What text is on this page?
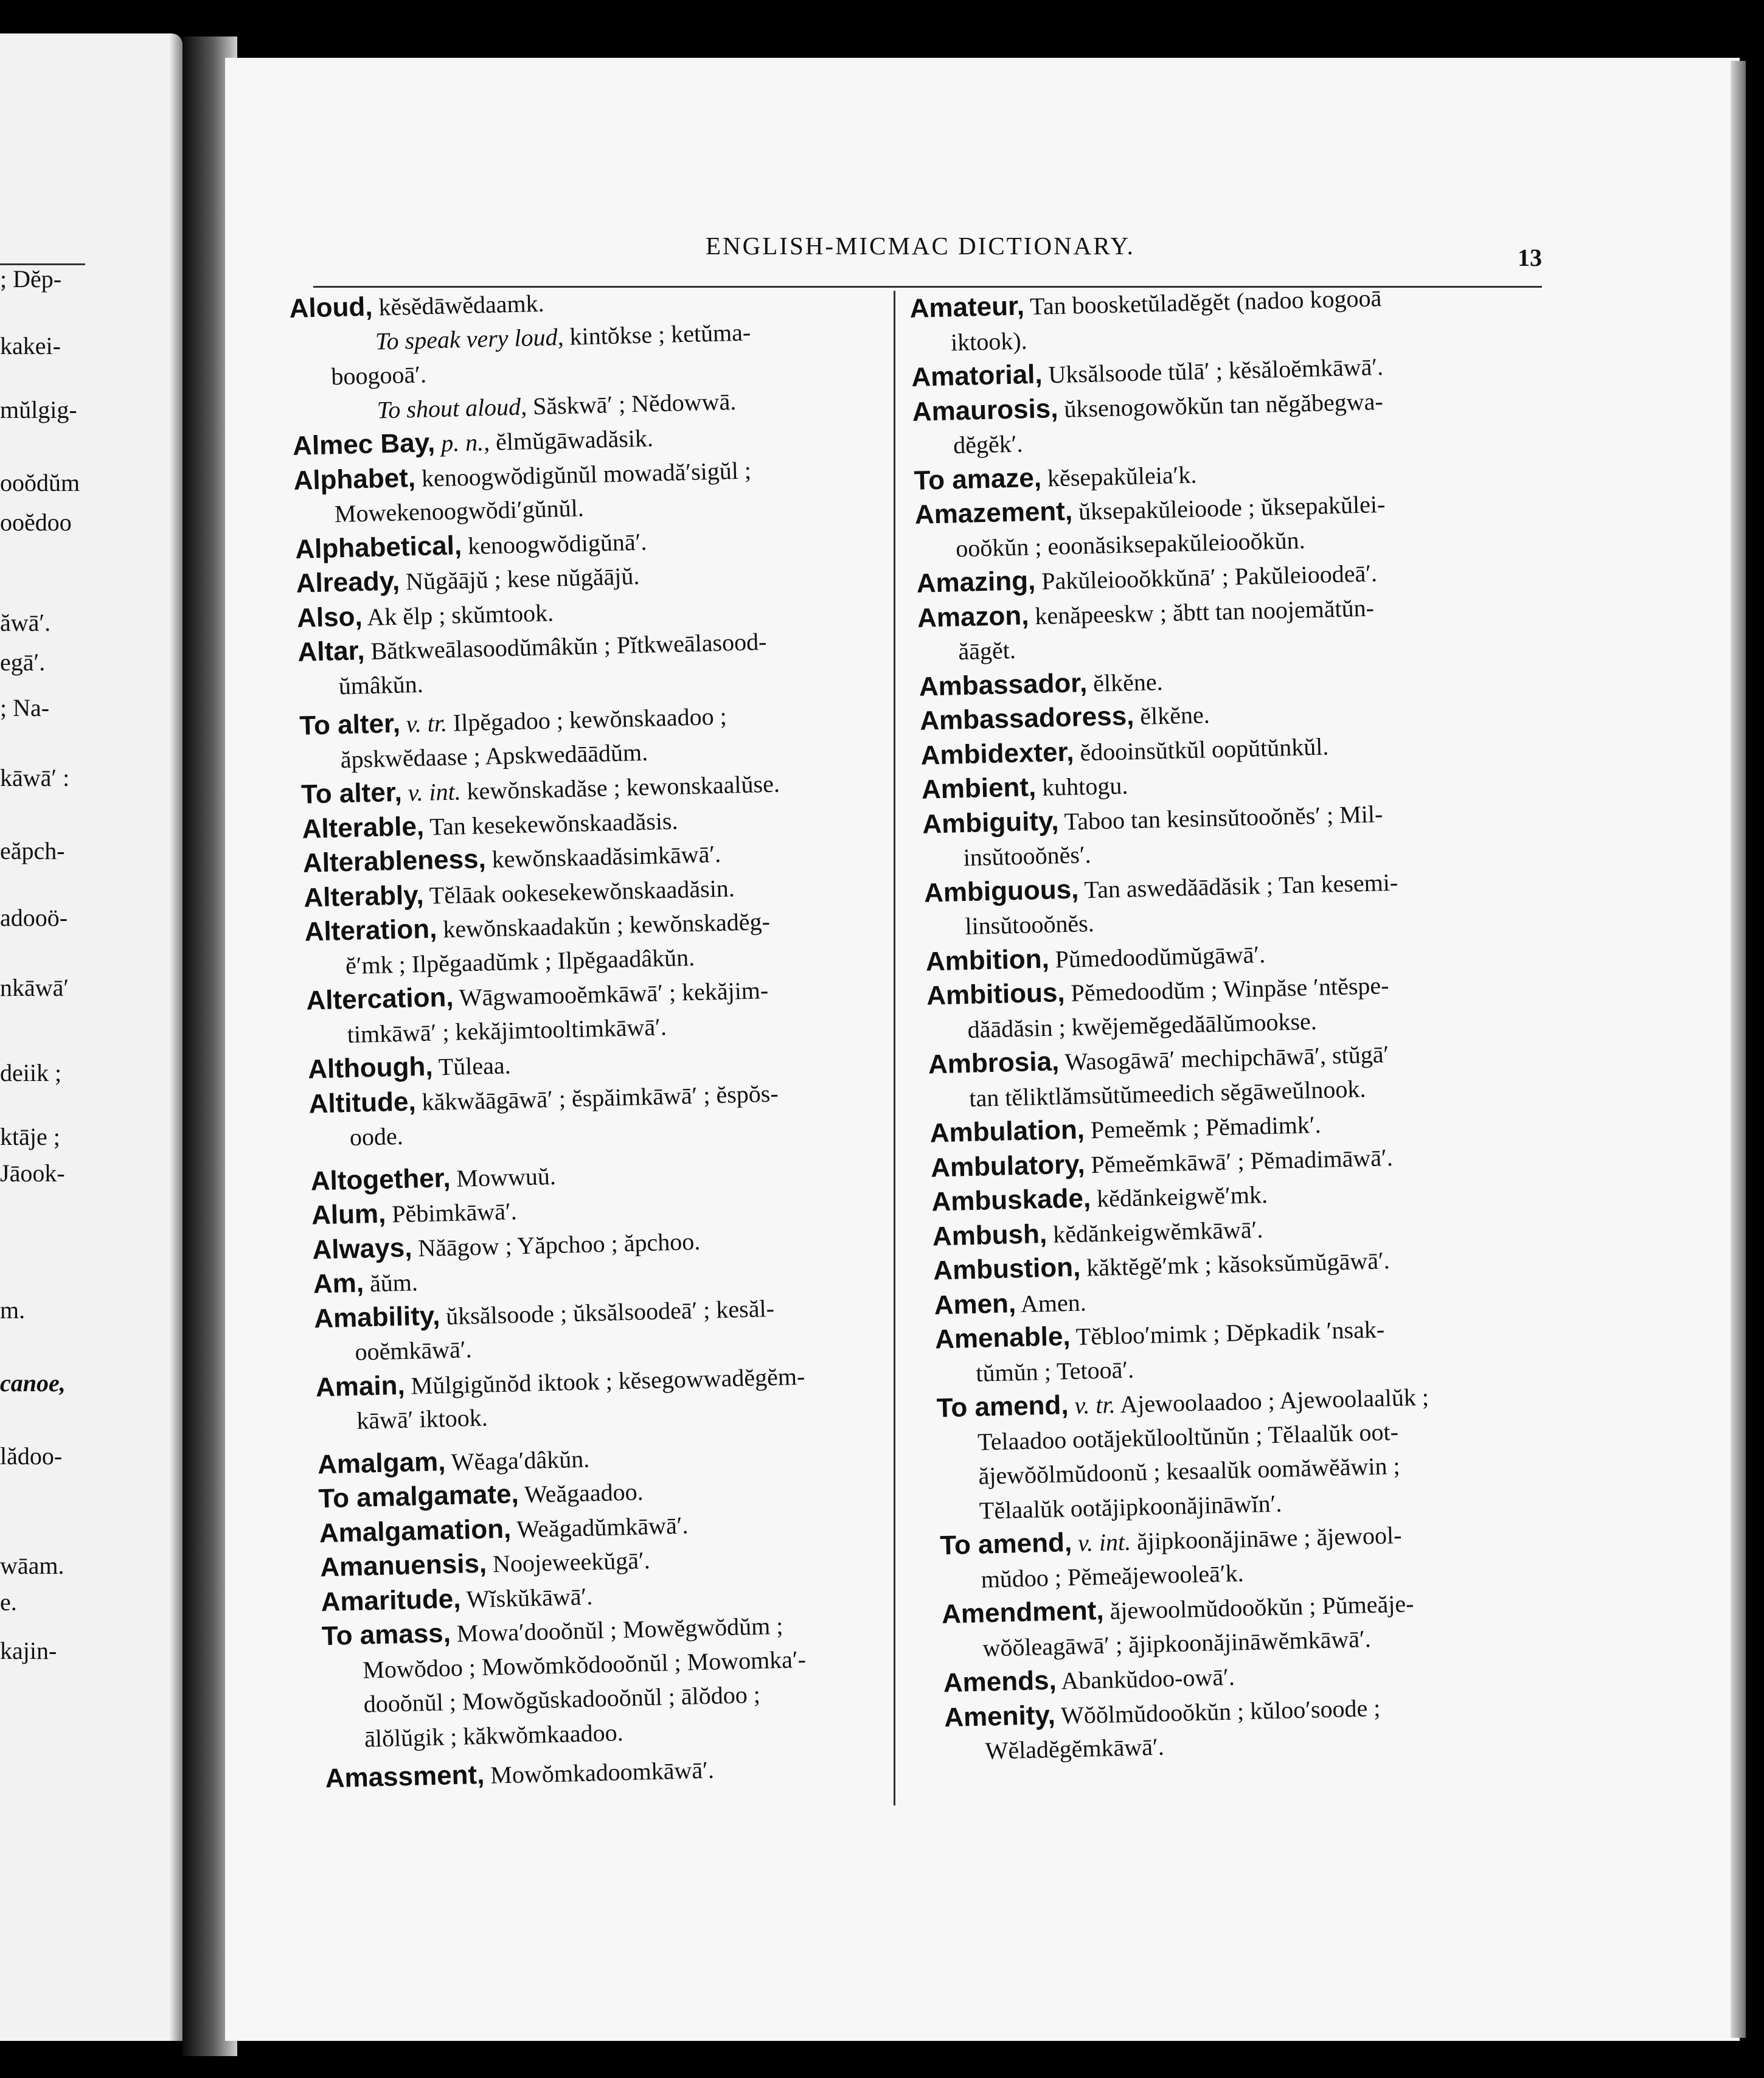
; Dĕp-
kakei-
mŭlgig-
ooŏdŭm
ooĕdoo
ăwā′.
egā′.
; Na-
kāwā′ :
eăpch-
adooö-
nkāwā′
deiik ;
ktāje ;
Jāook-
m.
canoe,
lădoo-
wāam.
e.
kajin-
ENGLISH-MICMAC DICTIONARY.	13
Aloud, kĕsĕdāwĕdaamk.
To speak very loud, kintŏkse ; ketŭma-
boogooā′.
To shout aloud, Săskwā′ ; Nĕdowwā.
Almec Bay, p. n., ĕlmŭgāwadăsik.
Alphabet, kenoogwŏdigŭnŭl mowadă′sigŭl ;
Mowekenoogwŏdi′gŭnŭl.
Alphabetical, kenoogwŏdigŭnā′.
Already, Nŭgăājŭ ; kese nŭgăājŭ.
Also, Ak ĕlp ; skŭmtook.
Altar, Bătkweālasoodŭmâkŭn ; Pĭtkweālasood-
ŭmâkŭn.
To alter, v. tr. Ilpĕgadoo ; kewŏnskaadoo ;
ăpskwĕdaase ; Apskwedāādŭm.
To alter, v. int. kewŏnskadăse ; kewonskaalŭse.
Alterable, Tan kesekewŏnskaadăsis.
Alterableness, kewŏnskaadăsimkāwā′.
Alterably, Tĕlāak ookesekewŏnskaadăsin.
Alteration, kewŏnskaadakŭn ; kewŏnskadĕg-
ĕ′mk ; Ilpĕgaadŭmk ; Ilpĕgaadâkŭn.
Altercation, Wāgwamooĕmkāwā′ ; kekăjim-
timkāwā′ ; kekăjimtooltimkāwā′.
Although, Tŭleaa.
Altitude, kăkwăāgāwā′ ; ĕspăimkāwā′ ; ĕspŏs-
oode.
Altogether, Mowwuŭ.
Alum, Pĕbimkāwā′.
Always, Năāgow ; Yăpchoo ; ăpchoo.
Am, ăŭm.
Amability, ŭksălsoode ; ŭksălsoodeā′ ; kesăl-
ooĕmkāwā′.
Amain, Mŭlgigŭnŏd iktook ; kĕsegowwadĕgĕm-
kāwā′ iktook.
Amalgam, Wĕaga′dâkŭn.
To amalgamate, Weăgaadoo.
Amalgamation, Weăgadŭmkāwā′.
Amanuensis, Noojeweekŭgā′.
Amaritude, Wĭskŭkāwā′.
To amass, Mowa′dooŏnŭl ; Mowĕgwŏdŭm ;
Mowŏdoo ; Mowŏmkŏdooŏnŭl ; Mowomka′-
dooŏnŭl ; Mowŏgŭskadooŏnŭl ; ālŏdoo ;
ālŏlŭgik ; kăkwŏmkaadoo.
Amassment, Mowŏmkadoomkāwā′.
Amateur, Tan boosketŭladĕgĕt (nadoo kogooā
iktook).
Amatorial, Uksălsoode tŭlā′ ; kĕsăloĕmkāwā′.
Amaurosis, ŭksenogowŏkŭn tan nĕgăbegwa-
dĕgĕk′.
To amaze, kĕsepakŭleia′k.
Amazement, ŭksepakŭleioode ; ŭksepakŭlei-
ooŏkŭn ; eoonăsiksepakŭleiooŏkŭn.
Amazing, Pakŭleiooŏkkŭnā′ ; Pakŭleioodeā′.
Amazon, kenăpeeskw ; ăbtt tan noojemătŭn-
ăāgĕt.
Ambassador, ĕlkĕne.
Ambassadoress, ĕlkĕne.
Ambidexter, ĕdooinsŭtkŭl oopŭtŭnkŭl.
Ambient, kuhtogu.
Ambiguity, Taboo tan kesinsŭtooŏnĕs′ ; Mil-
insŭtooŏnĕs′.
Ambiguous, Tan aswedăādăsik ; Tan kesemi-
linsŭtooŏnĕs.
Ambition, Pŭmedoodŭmŭgāwā′.
Ambitious, Pĕmedoodŭm ; Winpăse ′ntĕspe-
dăādăsin ; kwĕjemĕgedăālŭmookse.
Ambrosia, Wasogāwā′ mechipchāwā′, stŭgā′
tan tĕliktlămsŭtŭmeedich sĕgāweŭlnook.
Ambulation, Pemeĕmk ; Pĕmadimk′.
Ambulatory, Pĕmeĕmkāwā′ ; Pĕmadimāwā′.
Ambuskade, kĕdănkeigwĕ′mk.
Ambush, kĕdănkeigwĕmkāwā′.
Ambustion, kăktĕgĕ′mk ; kăsoksŭmŭgāwā′.
Amen, Amen.
Amenable, Tĕbloo′mimk ; Dĕpkadik ′nsak-
tŭmŭn ; Tetooā′.
To amend, v. tr. Ajewoolaadoo ; Ajewoolaalŭk ;
Telaadoo ootăjekŭlooltŭnŭn ; Tĕlaalŭk oot-
ăjewŏŏlmŭdoonŭ ; kesaalŭk oomăwĕăwin ;
Tĕlaalŭk ootăjipkoonăjināwĭn′.
To amend, v. int. ăjipkoonăjināwe ; ăjewool-
mŭdoo ; Pĕmeăjewooleā′k.
Amendment, ăjewoolmŭdooŏkŭn ; Pŭmeăje-
wŏŏleagāwā′ ; ăjipkoonăjināwĕmkāwā′.
Amends, Abankŭdoo-owā′.
Amenity, Wŏŏlmŭdooŏkŭn ; kŭloo′soode ;
Wĕladĕgĕmkāwā′.
